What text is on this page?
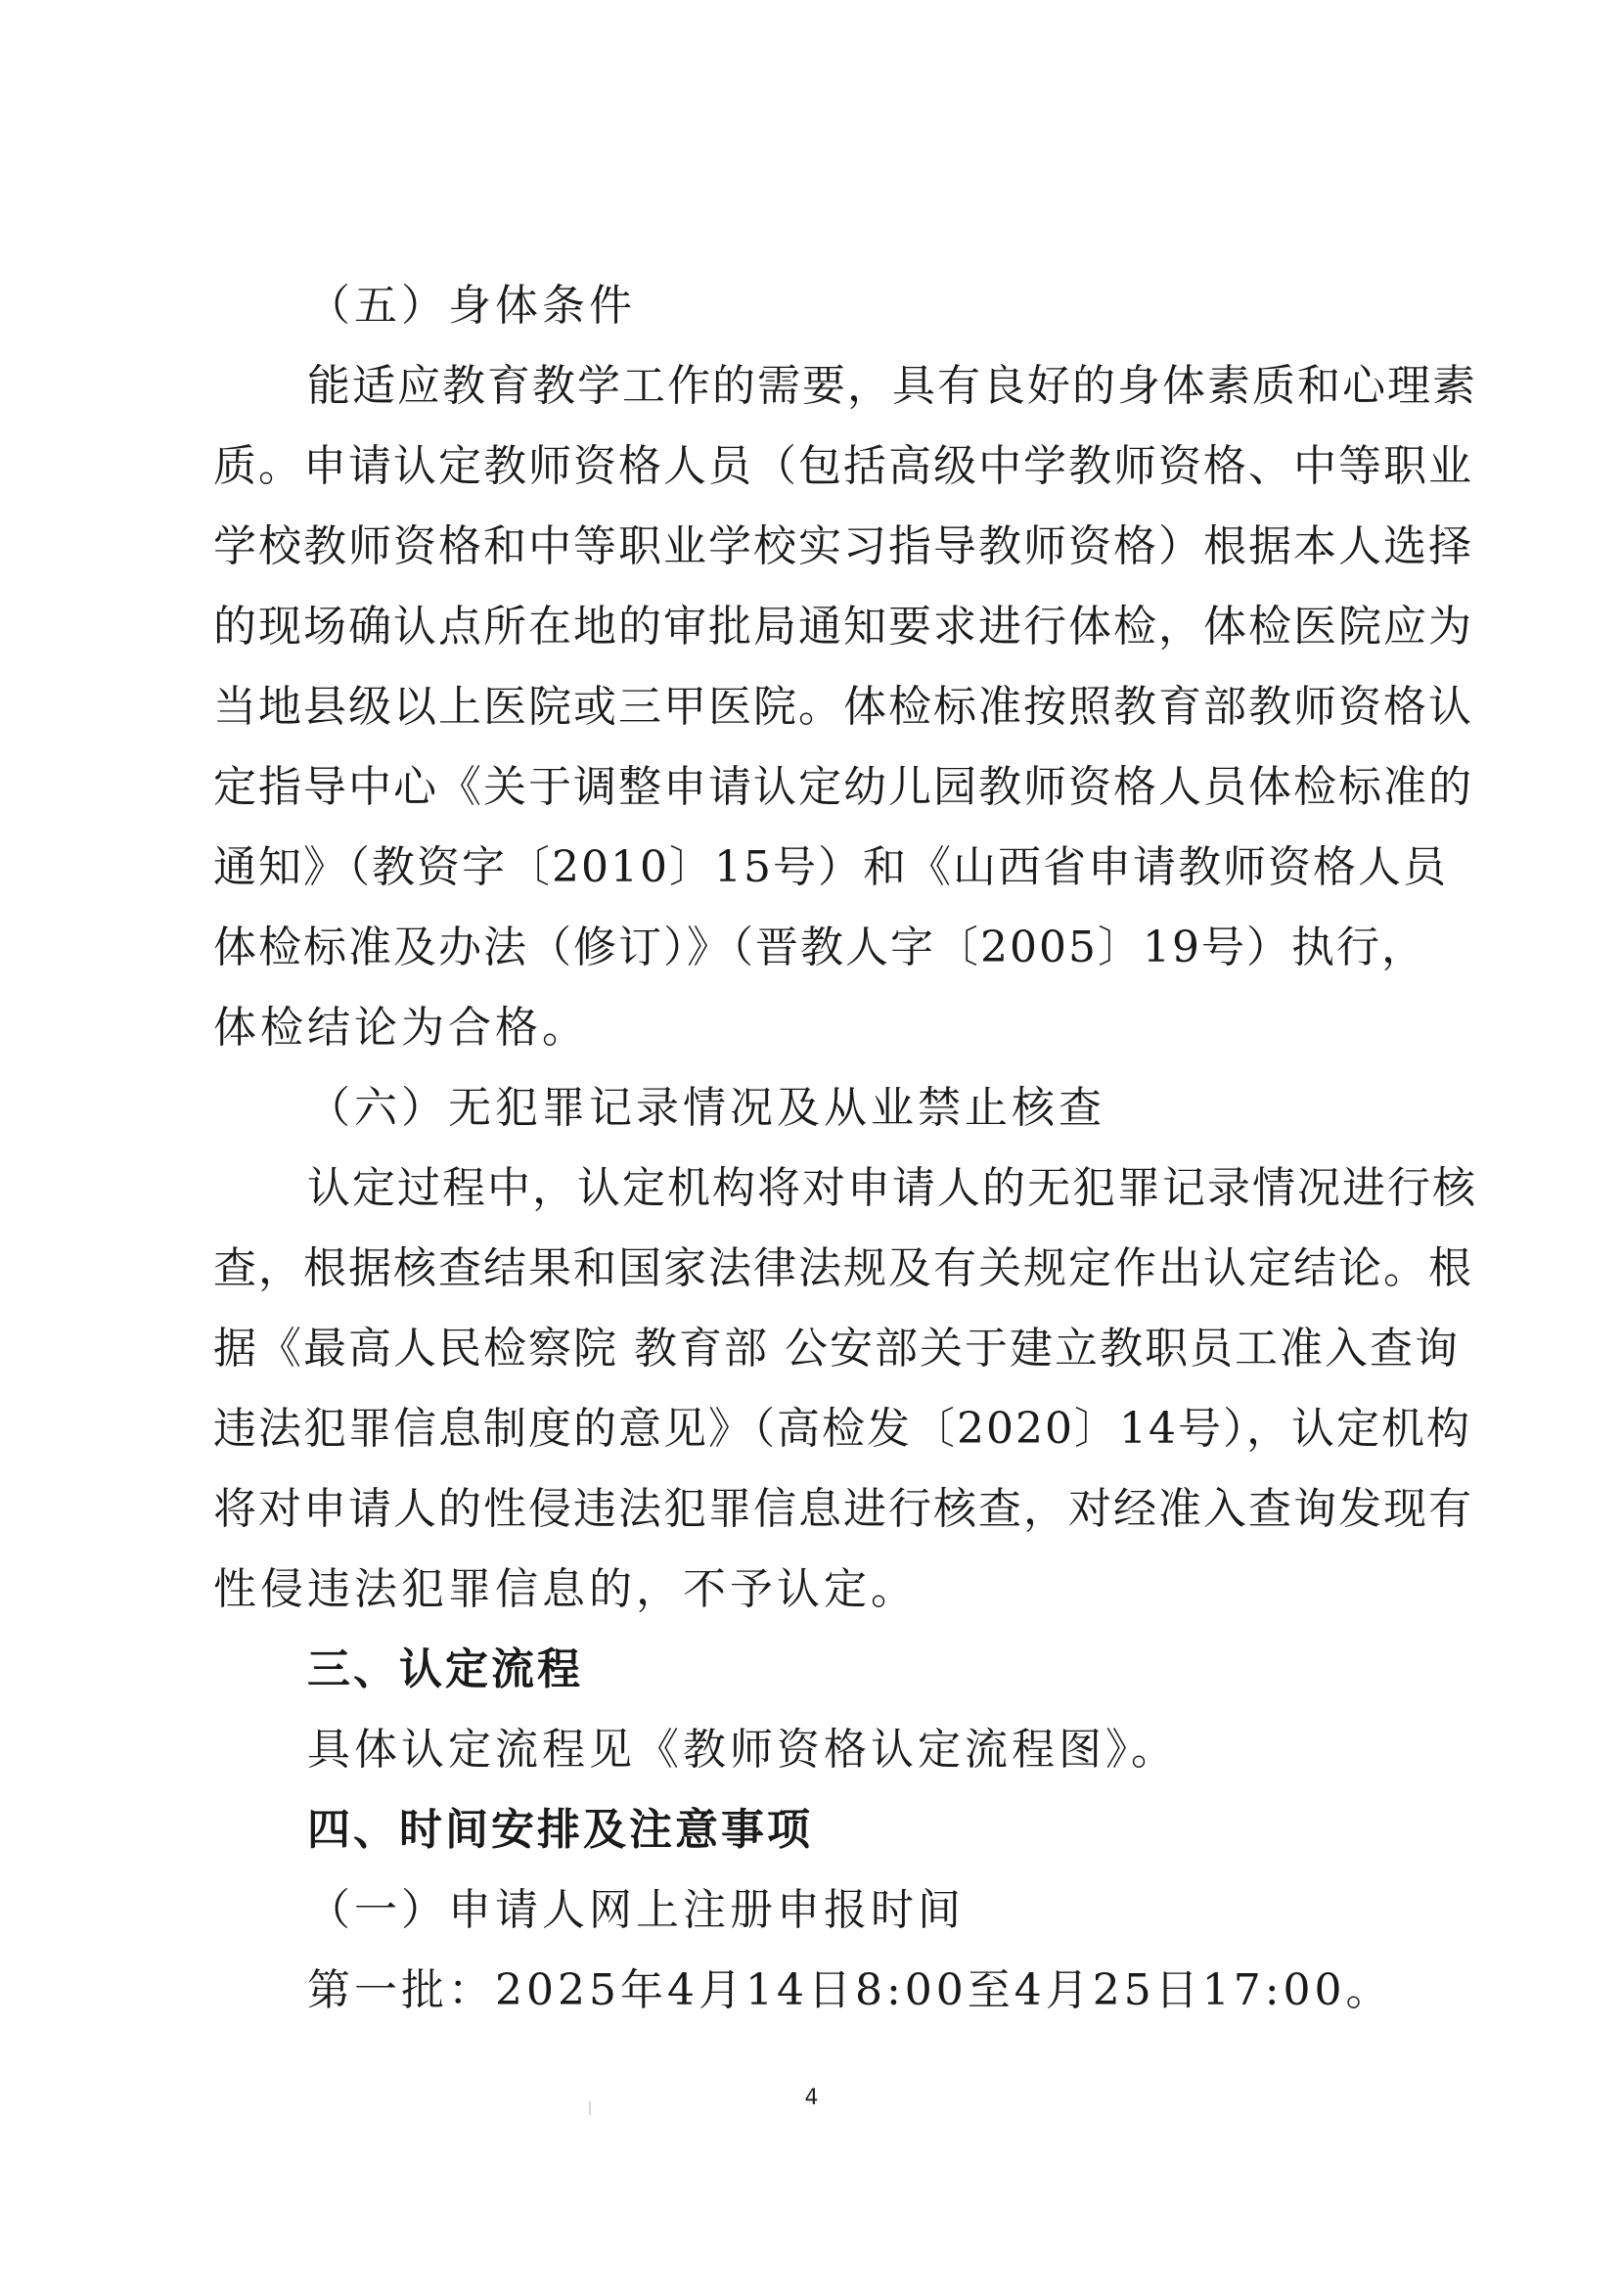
（五）身体条件
能适应教育教学工作的需要，具有良好的身体素质和心理素
质。申请认定教师资格人员（包括高级中学教师资格、中等职业
学校教师资格和中等职业学校实习指导教师资格）根据本人选择
的现场确认点所在地的审批局通知要求进行体检，体检医院应为
当地县级以上医院或三甲医院。体检标准按照教育部教师资格认
定指导中心《关于调整申请认定幼儿园教师资格人员体检标准的
通知》（教资字〔2010〕15号）和《山西省申请教师资格人员
体检标准及办法（修订）》（晋教人字〔2005〕19号）执行，
体检结论为合格。
（六）无犯罪记录情况及从业禁止核查
认定过程中，认定机构将对申请人的无犯罪记录情况进行核
查，根据核查结果和国家法律法规及有关规定作出认定结论。根
据《最高人民检察院 教育部 公安部关于建立教职员工准入查询
违法犯罪信息制度的意见》（高检发〔2020〕14号），认定机构
将对申请人的性侵违法犯罪信息进行核查，对经准入查询发现有
性侵违法犯罪信息的，不予认定。
三、认定流程
具体认定流程见《教师资格认定流程图》。
四、时间安排及注意事项
（一）申请人网上注册申报时间
第一批：2025年4月14日8:00至4月25日17:00。
4
